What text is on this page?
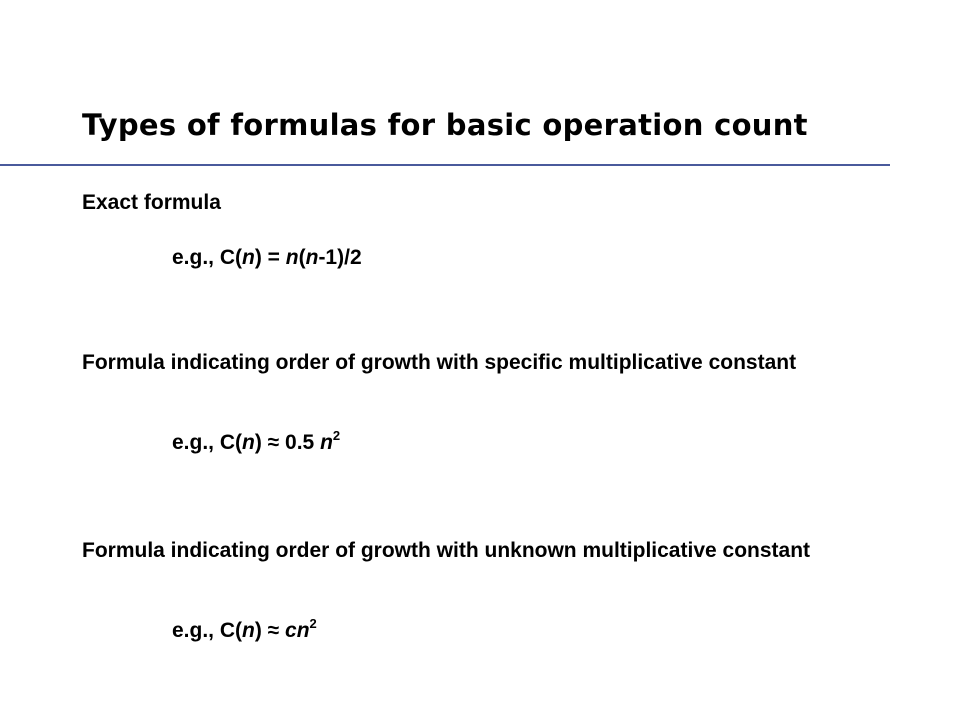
Types of formulas for basic operation count
Exact formula
e.g., C(n) = n(n-1)/2
Formula indicating order of growth with specific multiplicative constant
e.g., C(n) ≈ 0.5 $n^2$
Formula indicating order of growth with unknown multiplicative constant
e.g., $C(n) \approx cn^2$
